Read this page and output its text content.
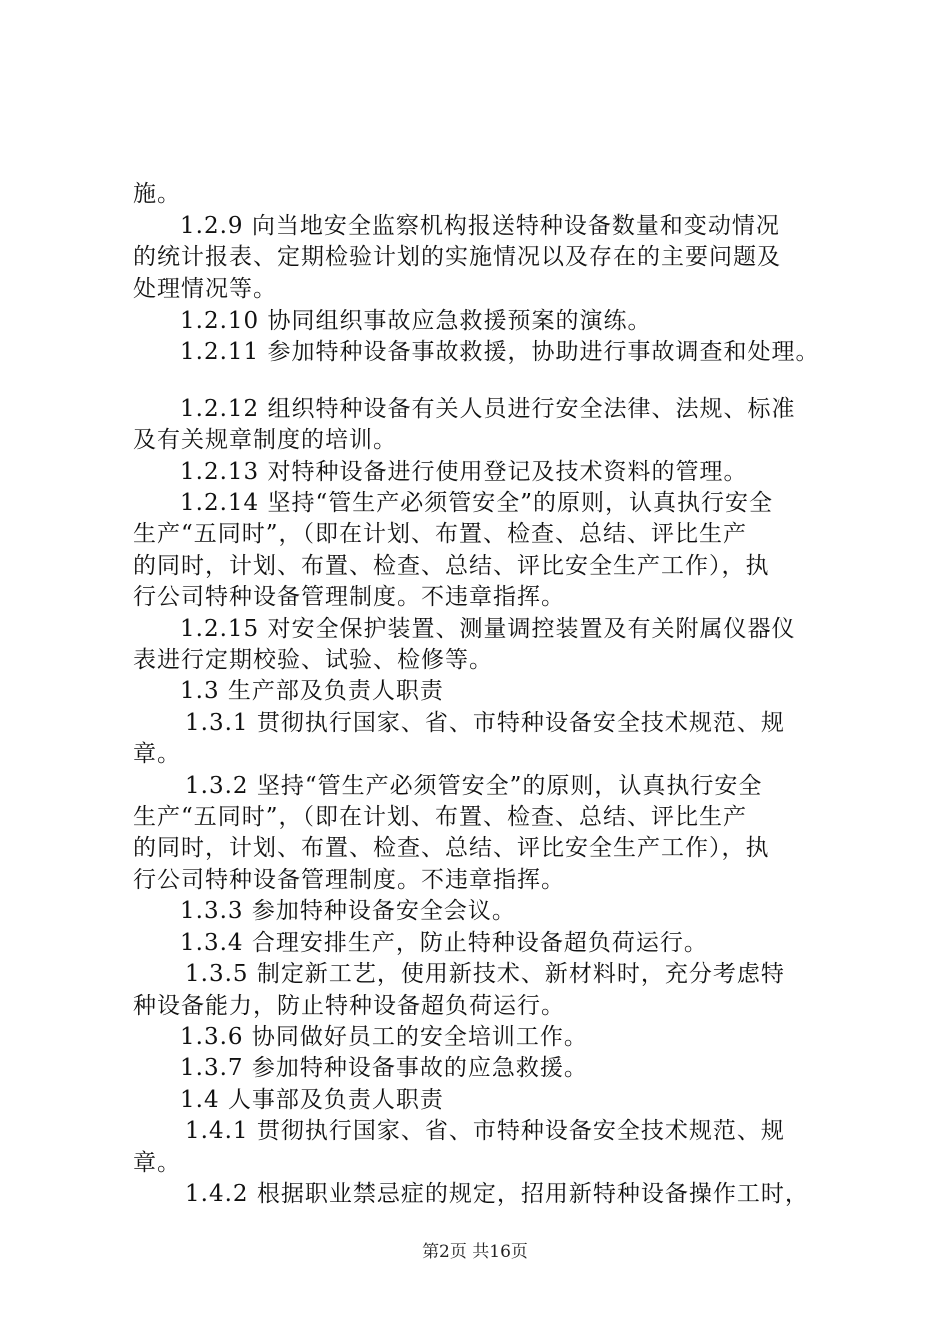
施。
1.2.9 向当地安全监察机构报送特种设备数量和变动情况
的统计报表、定期检验计划的实施情况以及存在的主要问题及
处理情况等。
1.2.10 协同组织事故应急救援预案的演练。
1.2.11 参加特种设备事故救援，协助进行事故调查和处理。
1.2.12 组织特种设备有关人员进行安全法律、法规、标准
及有关规章制度的培训。
1.2.13 对特种设备进行使用登记及技术资料的管理。
1.2.14 坚持“管生产必须管安全”的原则，认真执行安全
生产“五同时”，（即在计划、布置、检查、总结、评比生产
的同时，计划、布置、检查、总结、评比安全生产工作），执
行公司特种设备管理制度。不违章指挥。
1.2.15 对安全保护装置、测量调控装置及有关附属仪器仪
表进行定期校验、试验、检修等。
1.3 生产部及负责人职责
1.3.1 贯彻执行国家、省、市特种设备安全技术规范、规
章。
1.3.2 坚持“管生产必须管安全”的原则，认真执行安全
生产“五同时”，（即在计划、布置、检查、总结、评比生产
的同时，计划、布置、检查、总结、评比安全生产工作），执
行公司特种设备管理制度。不违章指挥。
1.3.3 参加特种设备安全会议。
1.3.4 合理安排生产，防止特种设备超负荷运行。
1.3.5 制定新工艺，使用新技术、新材料时，充分考虑特
种设备能力，防止特种设备超负荷运行。
1.3.6 协同做好员工的安全培训工作。
1.3.7 参加特种设备事故的应急救援。
1.4 人事部及负责人职责
1.4.1 贯彻执行国家、省、市特种设备安全技术规范、规
章。
1.4.2 根据职业禁忌症的规定，招用新特种设备操作工时，
第2页 共16页
